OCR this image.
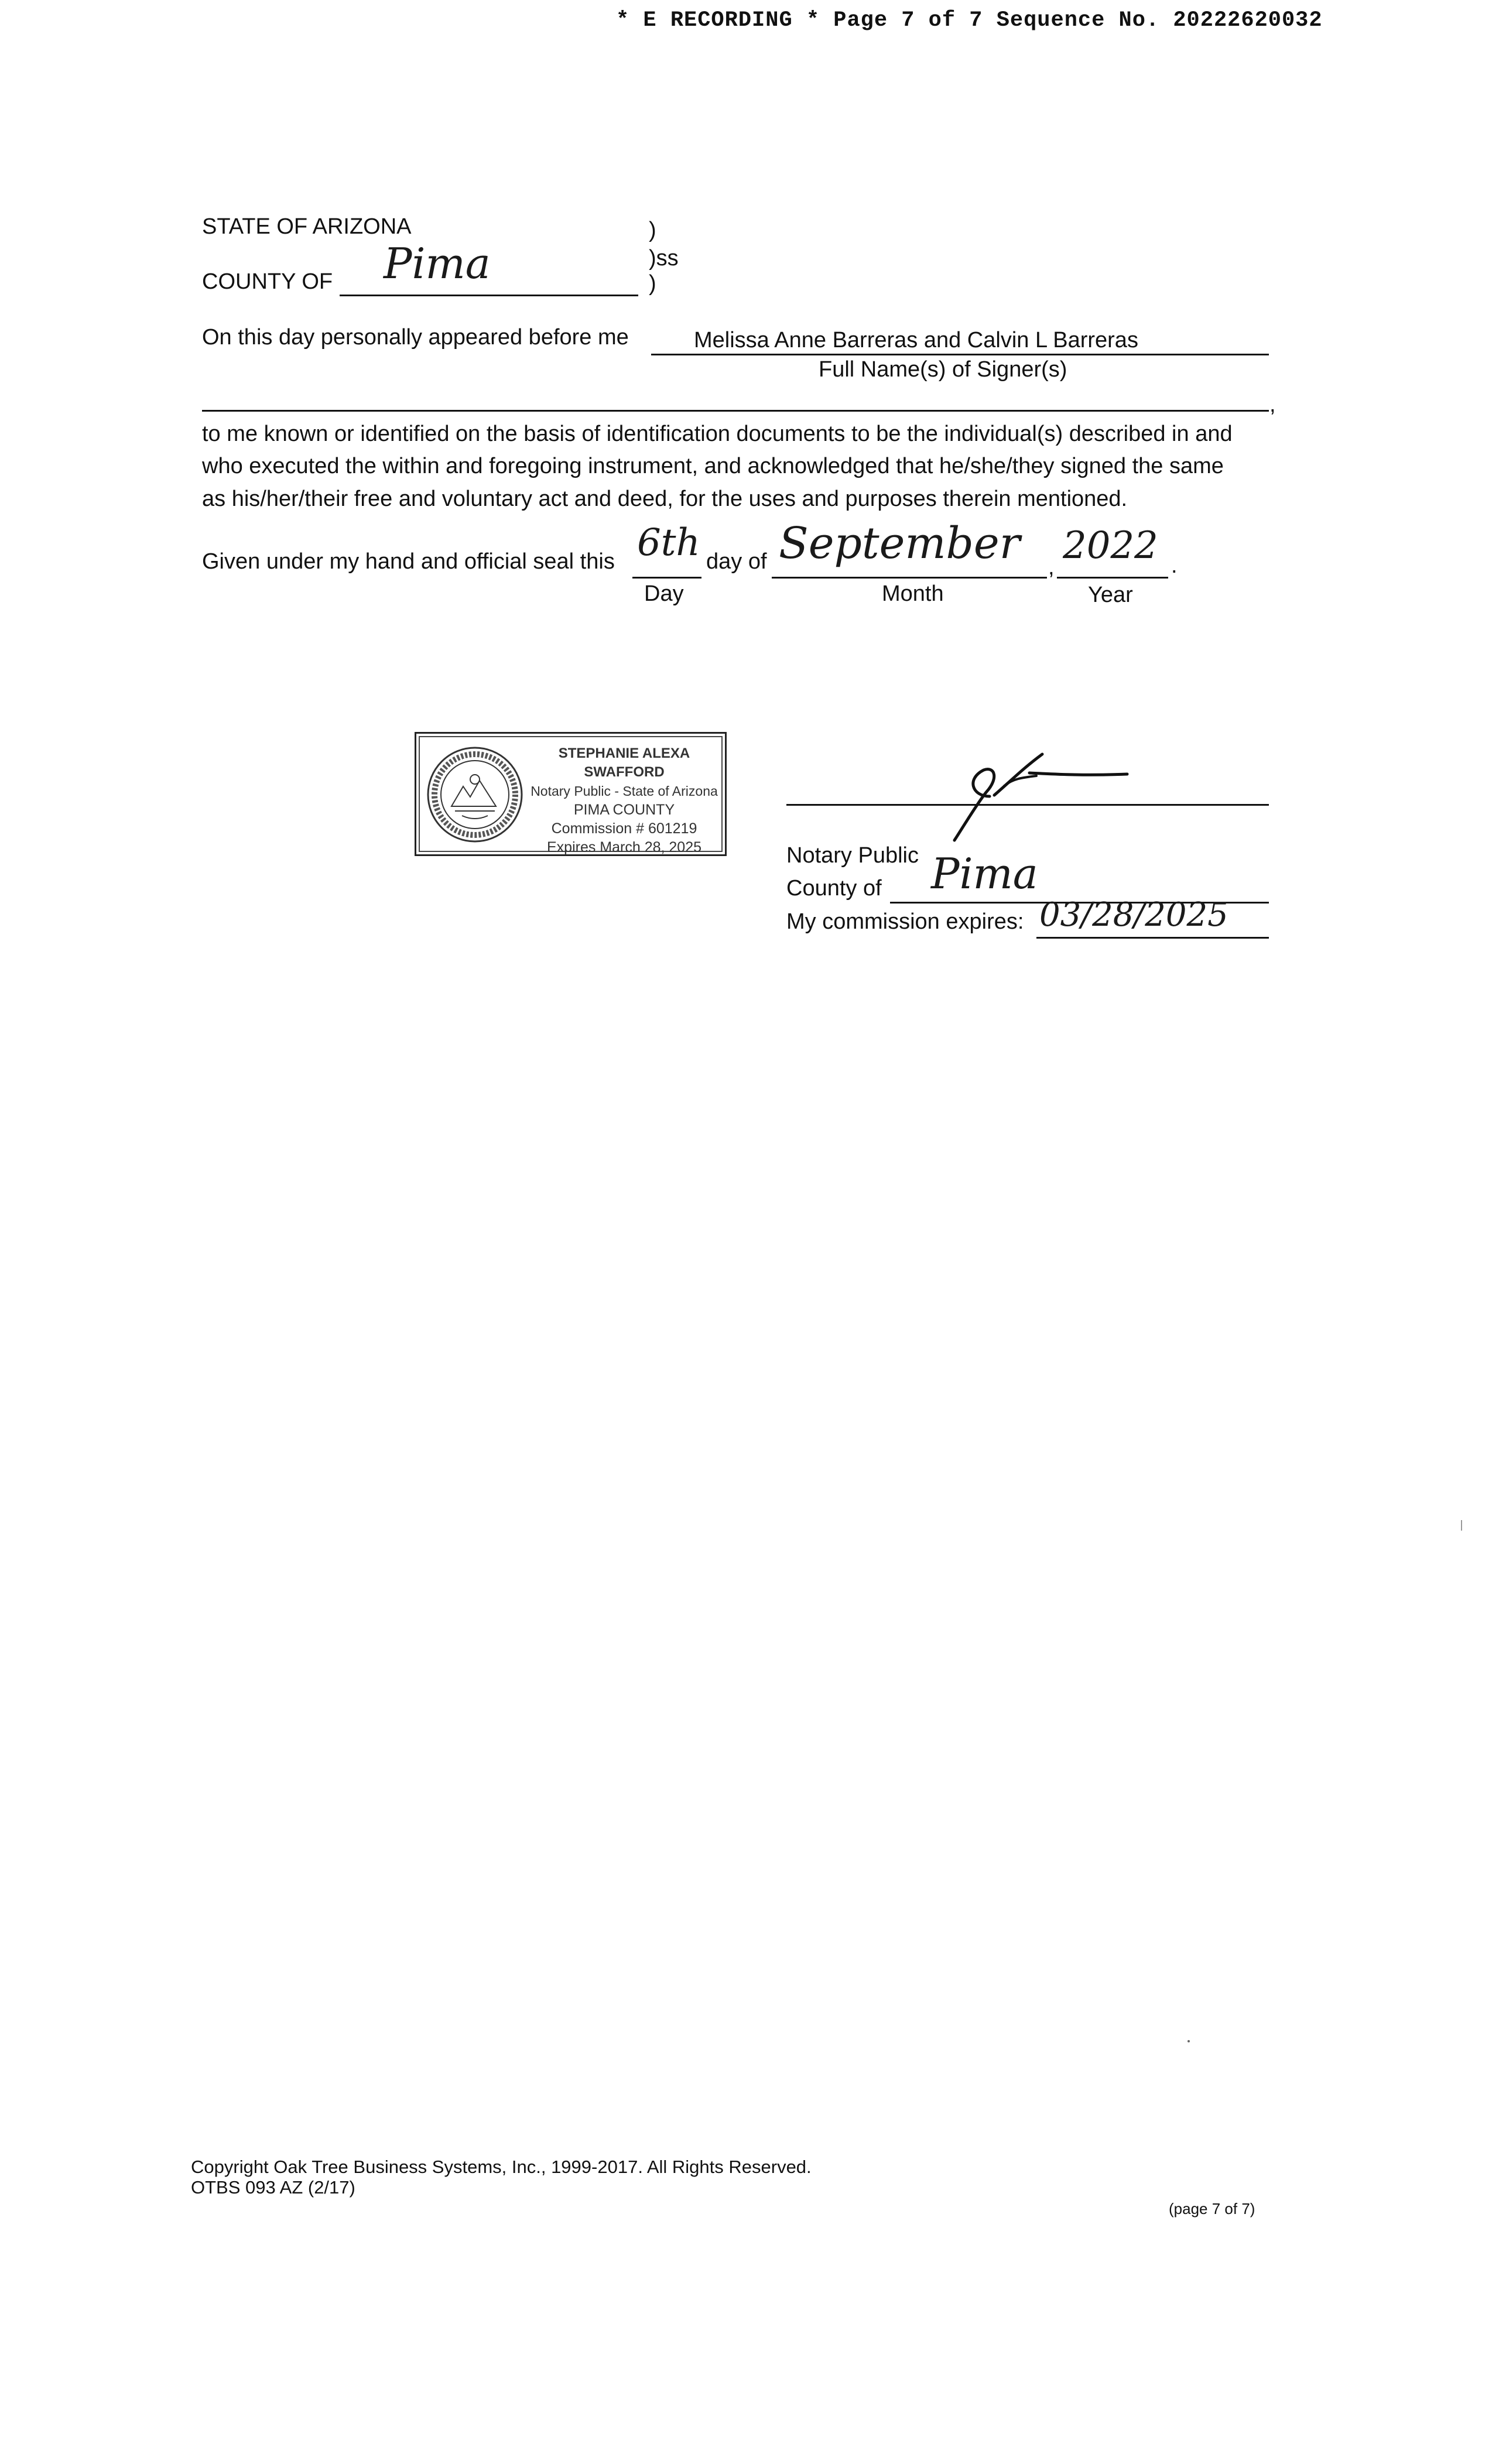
* E RECORDING * Page 7 of 7 Sequence No. 20222620032
STATE OF ARIZONA	)
)ss
COUNTY OF Pima	)
On this day personally appeared before me	Melissa Anne Barreras and Calvin L Barreras
Full Name(s) of Signer(s)
,
to me known or identified on the basis of identification documents to be the individual(s) described in and
who executed the within and foregoing instrument, and acknowledged that he/she/they signed the same
as his/her/their free and voluntary act and deed, for the uses and purposes therein mentioned.
Given under my hand and official seal this 6th day of September , 2022 .
Day	Month	Year
STEPHANIE ALEXA SWAFFORD
Notary Public - State of Arizona
PIMA COUNTY
Commission # 601219
Expires March 28, 2025	Notary Public
County of Pima
My commission expires: 03/28/2025
Copyright Oak Tree Business Systems, Inc., 1999-2017. All Rights Reserved.
OTBS 093 AZ (2/17)
(page 7 of 7)
